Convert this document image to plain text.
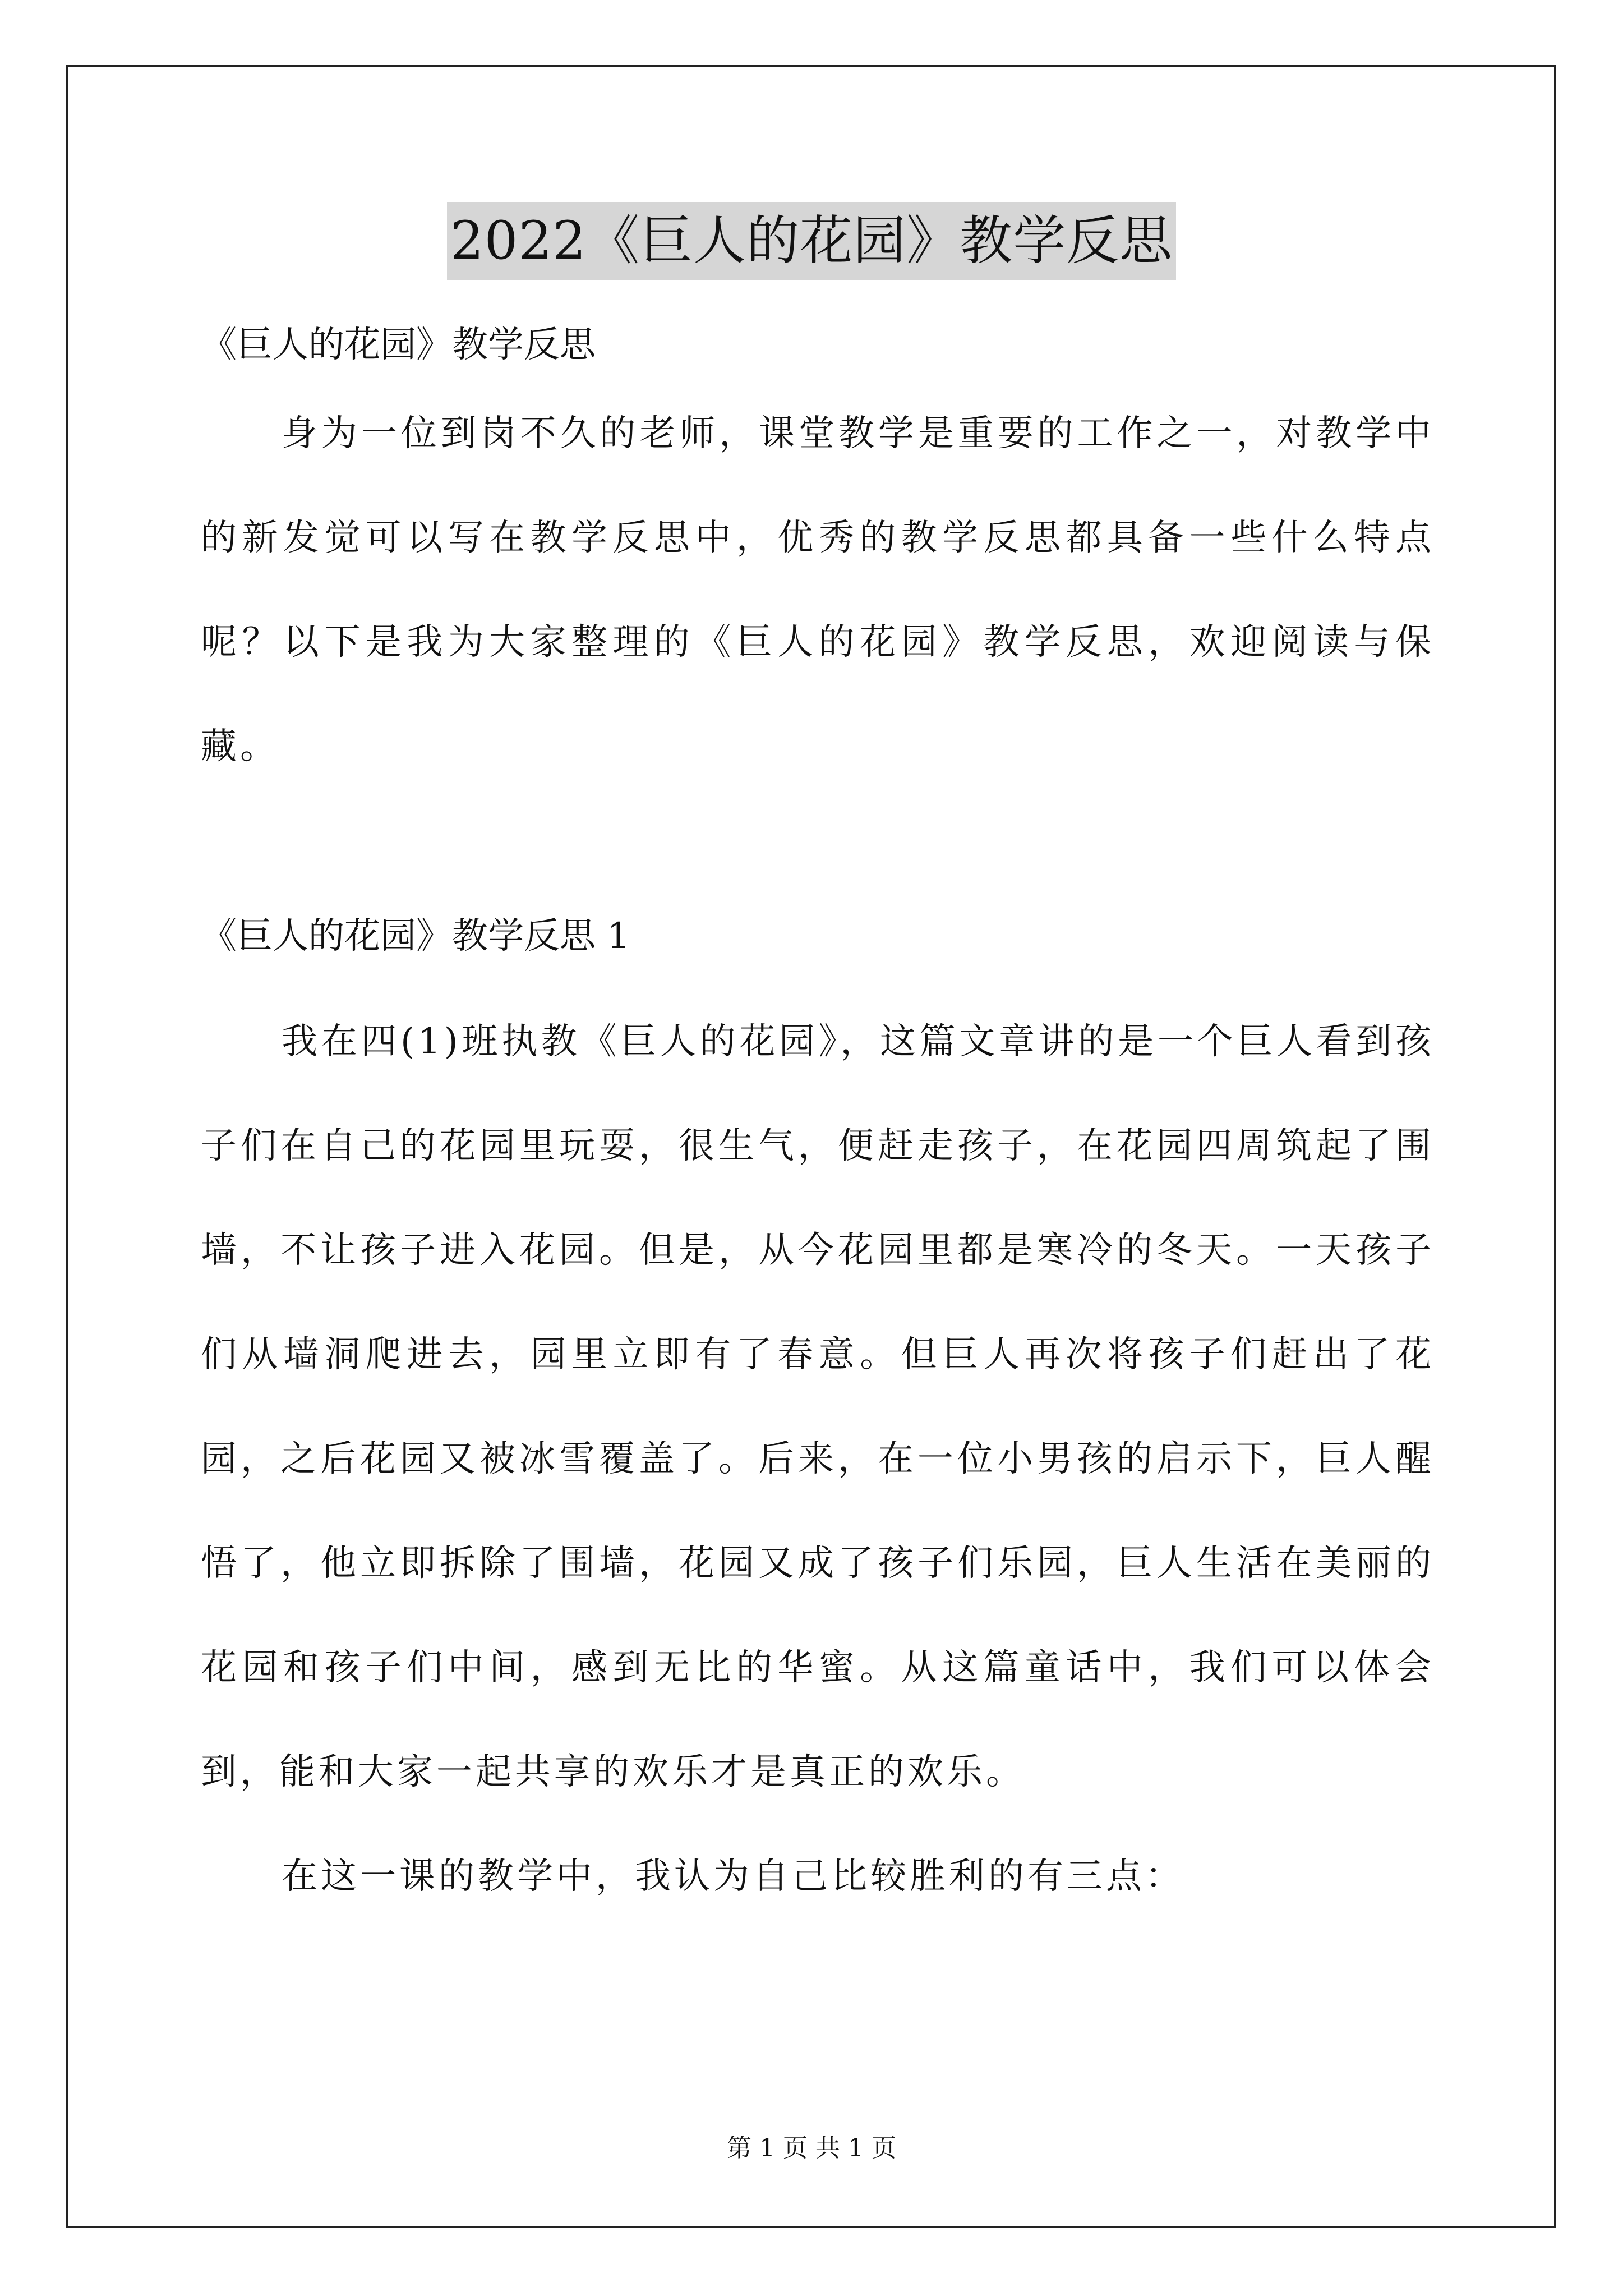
2022《巨人的花园》教学反思

《巨人的花园》教学反思

身为一位到岗不久的老师，课堂教学是重要的工作之一，对教学中的新发觉可以写在教学反思中，优秀的教学反思都具备一些什么特点呢？以下是我为大家整理的《巨人的花园》教学反思，欢迎阅读与保藏。

《巨人的花园》教学反思 1

我在四(1)班执教《巨人的花园》，这篇文章讲的是一个巨人看到孩子们在自己的花园里玩耍，很生气，便赶走孩子，在花园四周筑起了围墙，不让孩子进入花园。但是，从今花园里都是寒冷的冬天。一天孩子们从墙洞爬进去，园里立即有了春意。但巨人再次将孩子们赶出了花园，之后花园又被冰雪覆盖了。后来，在一位小男孩的启示下，巨人醒悟了，他立即拆除了围墙，花园又成了孩子们乐园，巨人生活在美丽的花园和孩子们中间，感到无比的华蜜。从这篇童话中，我们可以体会到，能和大家一起共享的欢乐才是真正的欢乐。

在这一课的教学中，我认为自己比较胜利的有三点：

第 1 页 共 1 页
